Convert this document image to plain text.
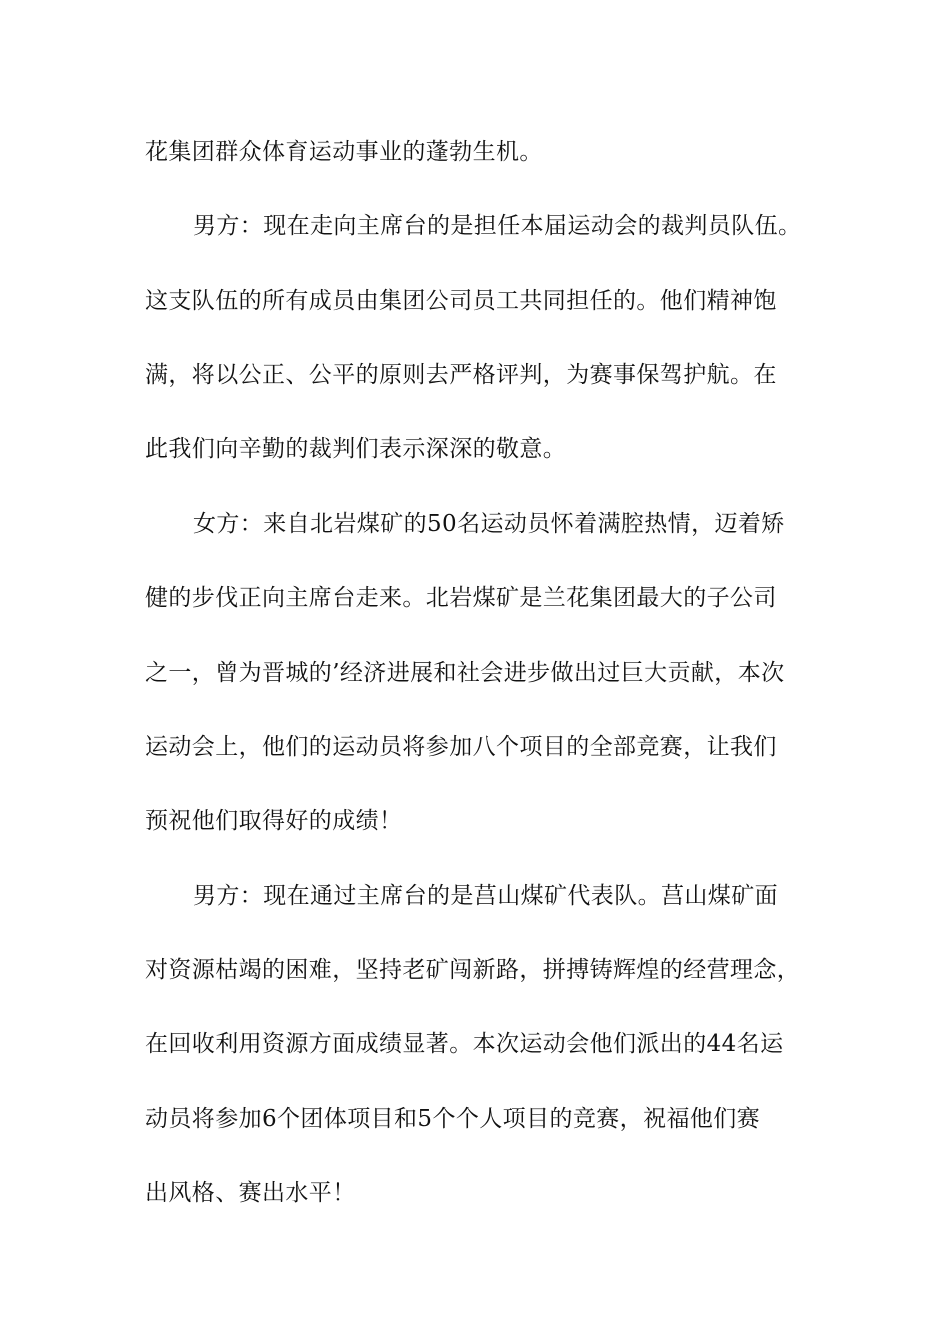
花集团群众体育运动事业的蓬勃生机。
男方：现在走向主席台的是担任本届运动会的裁判员队伍。
这支队伍的所有成员由集团公司员工共同担任的。他们精神饱
满，将以公正、公平的原则去严格评判，为赛事保驾护航。在
此我们向辛勤的裁判们表示深深的敬意。
女方：来自北岩煤矿的50名运动员怀着满腔热情，迈着矫
健的步伐正向主席台走来。北岩煤矿是兰花集团最大的子公司
之一，曾为晋城的’经济进展和社会进步做出过巨大贡献，本次
运动会上，他们的运动员将参加八个项目的全部竞赛，让我们
预祝他们取得好的成绩！
男方：现在通过主席台的是莒山煤矿代表队。莒山煤矿面
对资源枯竭的困难，坚持老矿闯新路，拼搏铸辉煌的经营理念，
在回收利用资源方面成绩显著。本次运动会他们派出的44名运
动员将参加6个团体项目和5个个人项目的竞赛，祝福他们赛
出风格、赛出水平！
